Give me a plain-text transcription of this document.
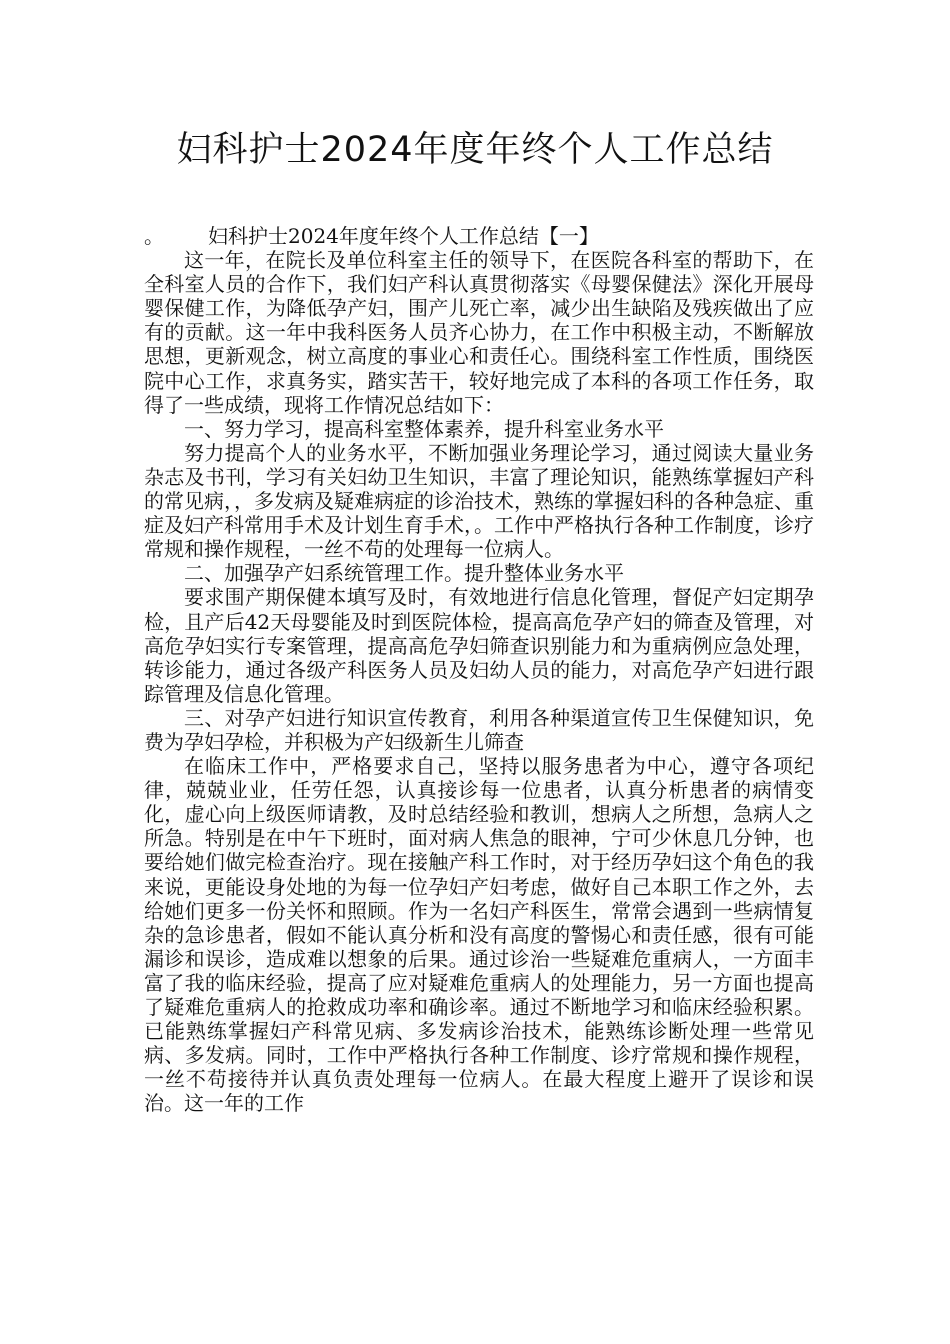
妇科护士2024年度年终个人工作总结
。 妇科护士2024年度年终个人工作总结【一】

这一年，在院长及单位科室主任的领导下，在医院各科室的帮助下，在全科室人员的合作下，我们妇产科认真贯彻落实《母婴保健法》深化开展母婴保健工作，为降低孕产妇，围产儿死亡率，减少出生缺陷及残疾做出了应有的贡献。这一年中我科医务人员齐心协力，在工作中积极主动，不断解放思想，更新观念，树立高度的事业心和责任心。围绕科室工作性质，围绕医院中心工作，求真务实，踏实苦干，较好地完成了本科的各项工作任务，取得了一些成绩，现将工作情况总结如下：

一、努力学习，提高科室整体素养，提升科室业务水平

努力提高个人的业务水平，不断加强业务理论学习，通过阅读大量业务杂志及书刊，学习有关妇幼卫生知识，丰富了理论知识，能熟练掌握妇产科的常见病，，多发病及疑难病症的诊治技术，熟练的掌握妇科的各种急症、重症及妇产科常用手术及计划生育手术，。工作中严格执行各种工作制度，诊疗常规和操作规程，一丝不苟的处理每一位病人。

二、加强孕产妇系统管理工作。提升整体业务水平

要求围产期保健本填写及时，有效地进行信息化管理，督促产妇定期孕检，且产后42天母婴能及时到医院体检，提高高危孕产妇的筛查及管理，对高危孕妇实行专案管理，提高高危孕妇筛查识别能力和为重病例应急处理，转诊能力，通过各级产科医务人员及妇幼人员的能力，对高危孕产妇进行跟踪管理及信息化管理。

三、对孕产妇进行知识宣传教育，利用各种渠道宣传卫生保健知识，免费为孕妇孕检，并积极为产妇级新生儿筛查

在临床工作中，严格要求自己，坚持以服务患者为中心，遵守各项纪律，兢兢业业，任劳任怨，认真接诊每一位患者，认真分析患者的病情变化，虚心向上级医师请教，及时总结经验和教训，想病人之所想，急病人之所急。特别是在中午下班时，面对病人焦急的眼神，宁可少休息几分钟，也要给她们做完检查治疗。现在接触产科工作时，对于经历孕妇这个角色的我来说，更能设身处地的为每一位孕妇产妇考虑，做好自己本职工作之外，去给她们更多一份关怀和照顾。作为一名妇产科医生，常常会遇到一些病情复杂的急诊患者，假如不能认真分析和没有高度的警惕心和责任感，很有可能漏诊和误诊，造成难以想象的后果。通过诊治一些疑难危重病人，一方面丰富了我的临床经验，提高了应对疑难危重病人的处理能力，另一方面也提高了疑难危重病人的抢救成功率和确诊率。通过不断地学习和临床经验积累。已能熟练掌握妇产科常见病、多发病诊治技术，能熟练诊断处理一些常见病、多发病。同时，工作中严格执行各种工作制度、诊疗常规和操作规程，一丝不苟接待并认真负责处理每一位病人。在最大程度上避开了误诊和误治。这一年的工作
